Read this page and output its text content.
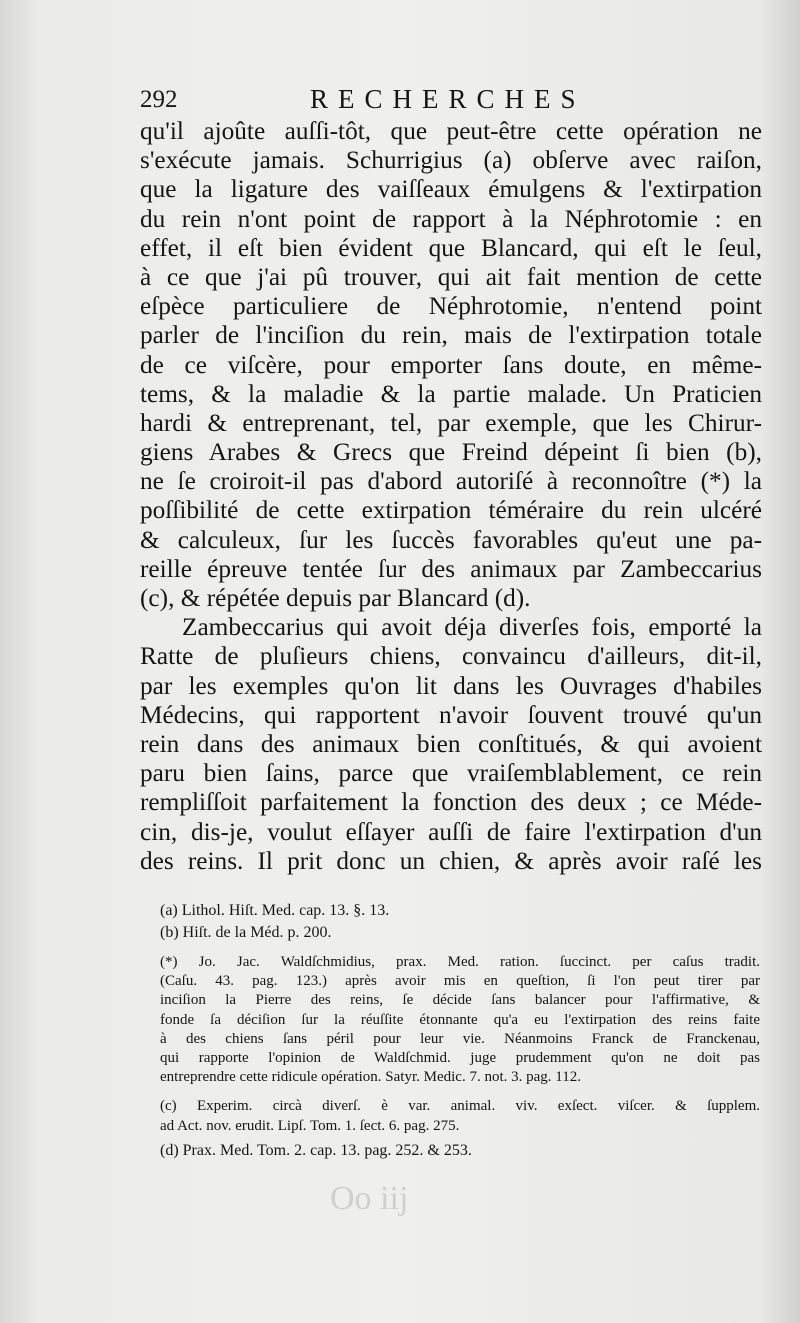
292	RECHERCHES
qu'il ajoûte auſſi-tôt, que peut-être cette opération ne
s'exécute jamais. Schurrigius (a) obſerve avec raiſon,
que la ligature des vaiſſeaux émulgens & l'extirpation
du rein n'ont point de rapport à la Néphrotomie : en
effet, il eſt bien évident que Blancard, qui eſt le ſeul,
à ce que j'ai pû trouver, qui ait fait mention de cette
eſpèce particuliere de Néphrotomie, n'entend point
parler de l'inciſion du rein, mais de l'extirpation totale
de ce viſcère, pour emporter ſans doute, en même-
tems, & la maladie & la partie malade. Un Praticien
hardi & entreprenant, tel, par exemple, que les Chirur-
giens Arabes & Grecs que Freind dépeint ſi bien (b),
ne ſe croiroit-il pas d'abord autoriſé à reconnoître (*) la
poſſibilité de cette extirpation téméraire du rein ulcéré
& calculeux, ſur les ſuccès favorables qu'eut une pa-
reille épreuve tentée ſur des animaux par Zambeccarius
(c), & répétée depuis par Blancard (d).
Zambeccarius qui avoit déja diverſes fois, emporté la
Ratte de pluſieurs chiens, convaincu d'ailleurs, dit-il,
par les exemples qu'on lit dans les Ouvrages d'habiles
Médecins, qui rapportent n'avoir ſouvent trouvé qu'un
rein dans des animaux bien conſtitués, & qui avoient
paru bien ſains, parce que vraiſemblablement, ce rein
rempliſſoit parfaitement la fonction des deux ; ce Méde-
cin, dis-je, voulut eſſayer auſſi de faire l'extirpation d'un
des reins. Il prit donc un chien, & après avoir raſé les
(a) Lithol. Hiſt. Med. cap. 13. §. 13.
(b) Hiſt. de la Méd. p. 200.
(*) Jo. Jac. Waldſchmidius, prax. Med. ration. ſuccinct. per caſus tradit.
(Caſu. 43. pag. 123.) après avoir mis en queſtion, ſi l'on peut tirer par
inciſion la Pierre des reins, ſe décide ſans balancer pour l'affirmative, &
fonde ſa déciſion ſur la réuſſite étonnante qu'a eu l'extirpation des reins faite
à des chiens ſans péril pour leur vie. Néanmoins Franck de Franckenau,
qui rapporte l'opinion de Waldſchmid. juge prudemment qu'on ne doit pas
entreprendre cette ridicule opération. Satyr. Medic. 7. not. 3. pag. 112.
(c) Experim. circà diverſ. è var. animal. viv. exſect. viſcer. & ſupplem.
ad Act. nov. erudit. Lipſ. Tom. 1. ſect. 6. pag. 275.
(d) Prax. Med. Tom. 2. cap. 13. pag. 252. & 253.
Oo iij
